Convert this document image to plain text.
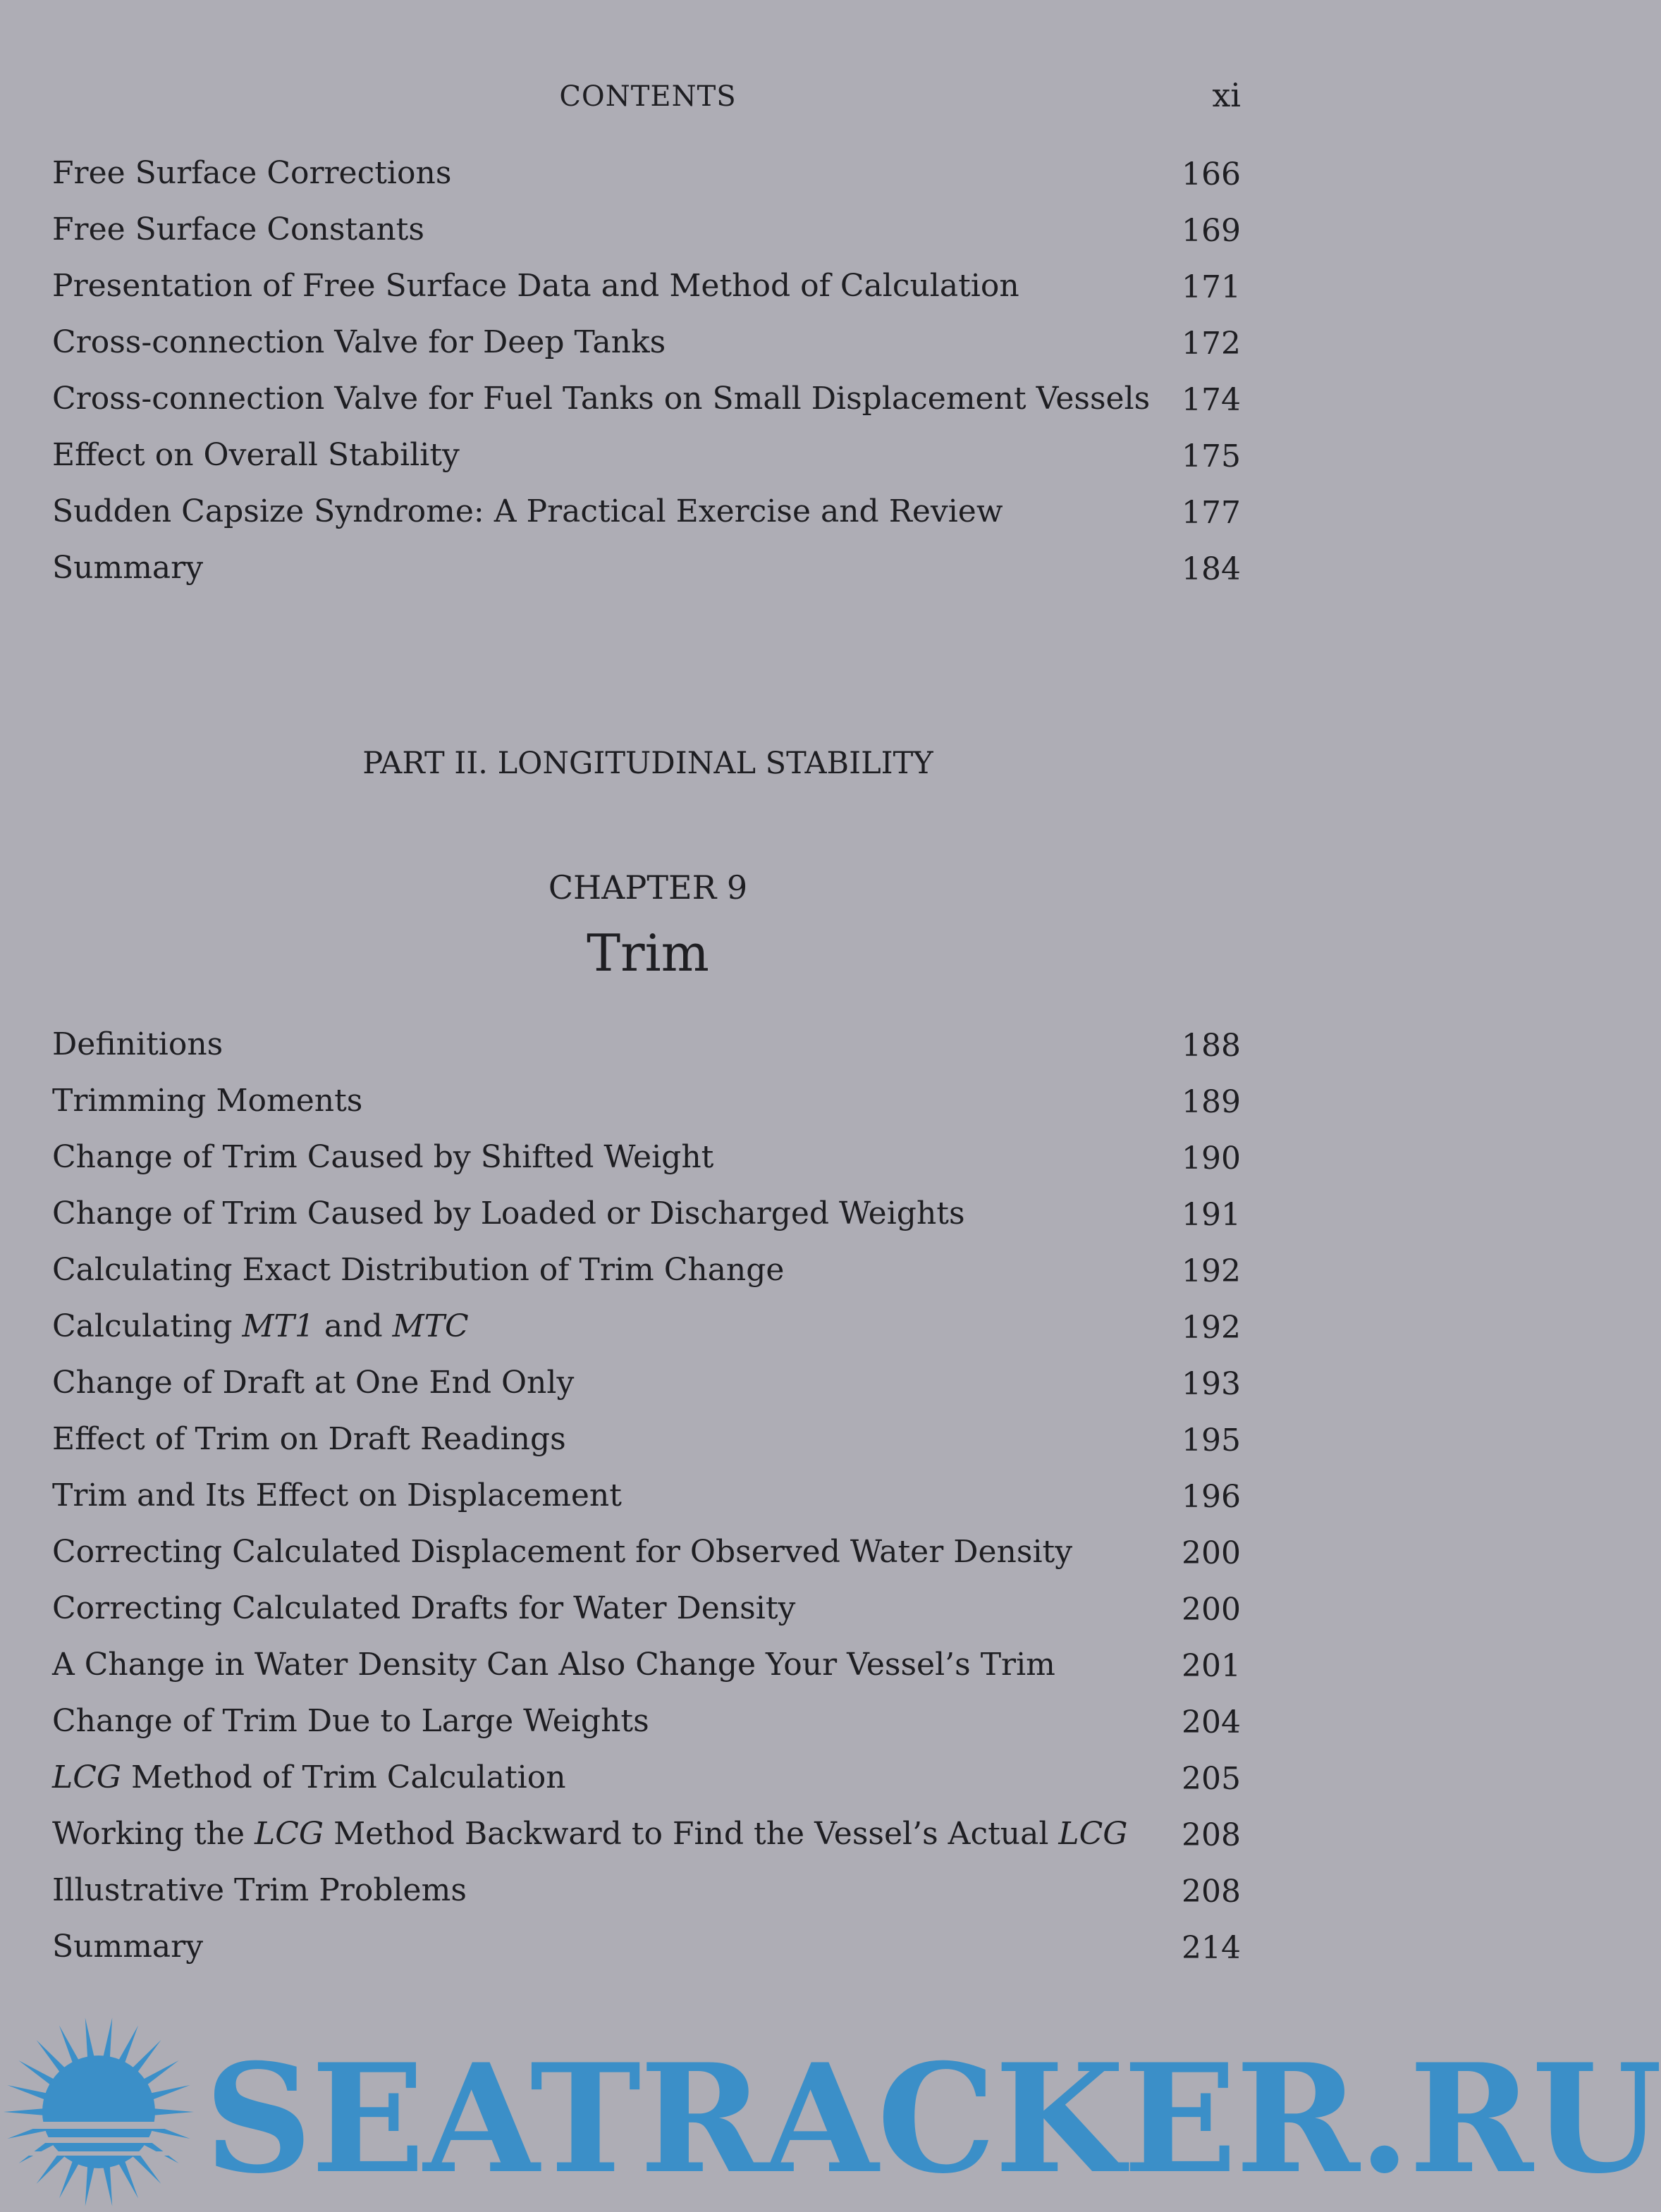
CONTENTS	xi
Free Surface Corrections	166
Free Surface Constants	169
Presentation of Free Surface Data and Method of Calculation	171
Cross-connection Valve for Deep Tanks	172
Cross-connection Valve for Fuel Tanks on Small Displacement Vessels 174
Effect on Overall Stability	175
Sudden Capsize Syndrome: A Practical Exercise and Review	177
Summary	184
PART II. LONGITUDINAL STABILITY
CHAPTER 9
Trim
Definitions	188
Trimming Moments	189
Change of Trim Caused by Shifted Weight	190
Change of Trim Caused by Loaded or Discharged Weights	191
Calculating Exact Distribution of Trim Change	192
Calculating MT1 and MTC	192
Change of Draft at One End Only	193
Effect of Trim on Draft Readings	195
Trim and Its Effect on Displacement	196
Correcting Calculated Displacement for Observed Water Density	200
Correcting Calculated Drafts for Water Density	200
A Change in Water Density Can Also Change Your Vessel’s Trim	201
Change of Trim Due to Large Weights	204
LCG Method of Trim Calculation	205
Working the LCG Method Backward to Find the Vessel’s Actual LCG 208
Illustrative Trim Problems	208
Summary	214
SEATRACKER.RU
